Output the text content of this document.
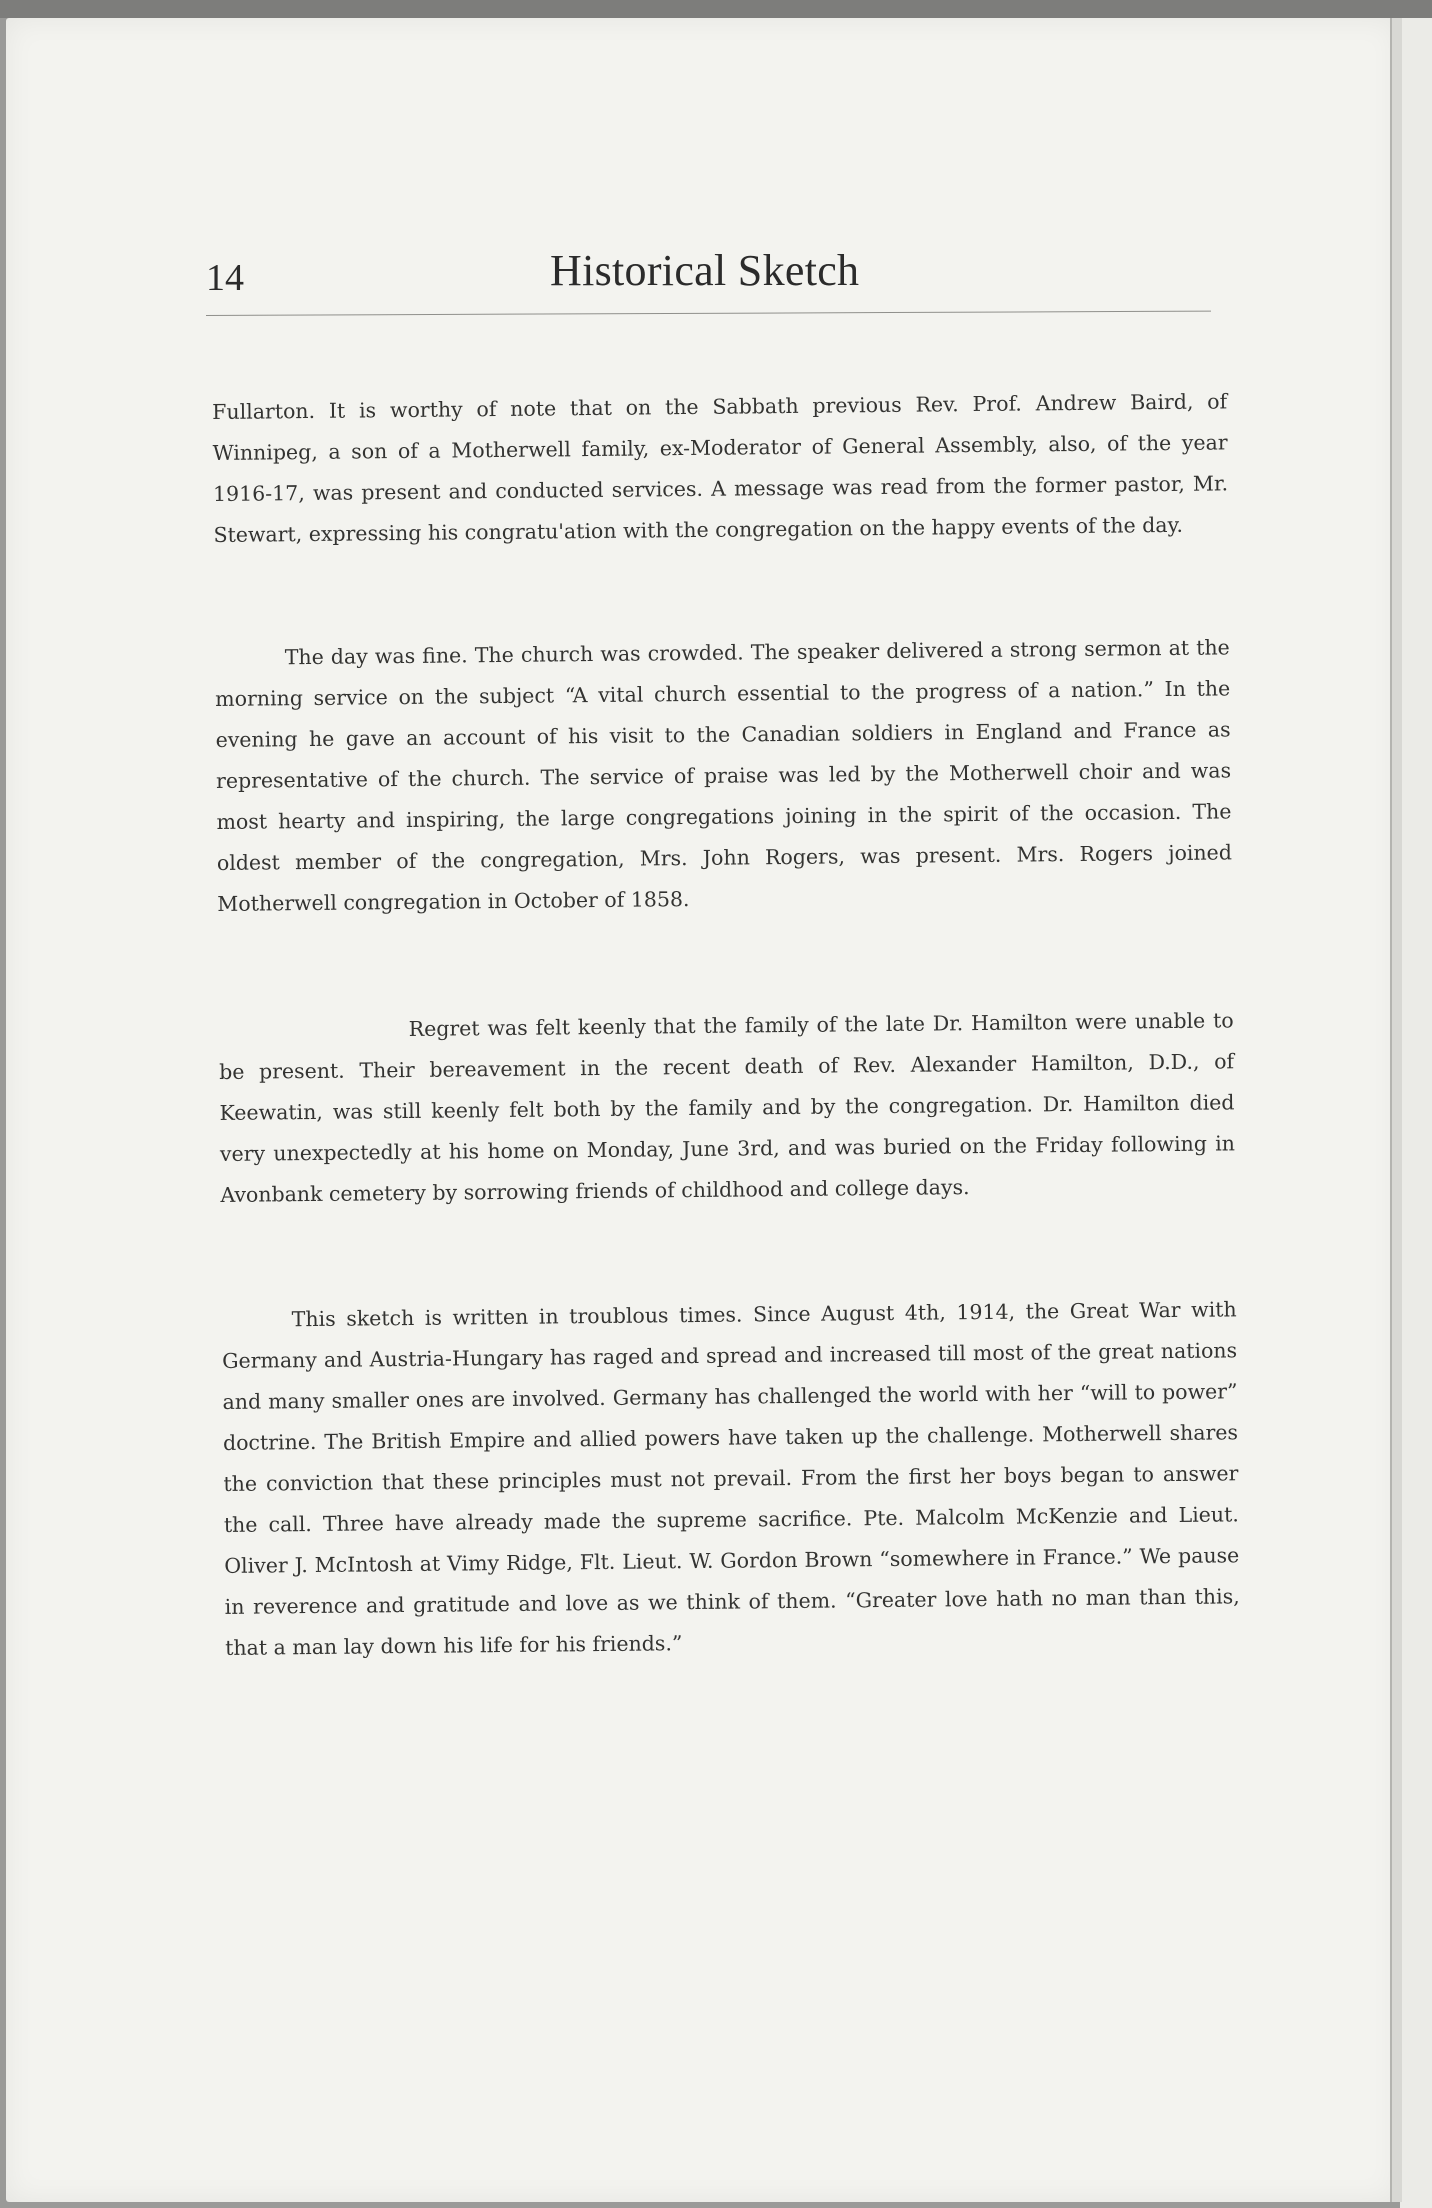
14	Historical Sketch

Fullarton. It is worthy of note that on the Sabbath previous Rev. Prof. Andrew Baird, of Winnipeg, a son of a Motherwell family, ex-Moderator of General Assembly, also, of the year 1916-17, was present and conducted services. A message was read from the former pastor, Mr. Stewart, expressing his congratu'ation with the congregation on the happy events of the day.

The day was fine. The church was crowded. The speaker delivered a strong sermon at the morning service on the subject “A vital church essential to the progress of a nation.” In the evening he gave an account of his visit to the Canadian soldiers in England and France as representative of the church. The service of praise was led by the Motherwell choir and was most hearty and inspiring, the large congregations joining in the spirit of the occasion. The oldest member of the congregation, Mrs. John Rogers, was present. Mrs. Rogers joined Motherwell congregation in October of 1858.

Regret was felt keenly that the family of the late Dr. Hamilton were unable to be present. Their bereavement in the recent death of Rev. Alexander Hamilton, D.D., of Keewatin, was still keenly felt both by the family and by the congregation. Dr. Hamilton died very unexpectedly at his home on Monday, June 3rd, and was buried on the Friday following in Avonbank cemetery by sorrowing friends of childhood and college days.

This sketch is written in troublous times. Since August 4th, 1914, the Great War with Germany and Austria-Hungary has raged and spread and increased till most of the great nations and many smaller ones are involved. Germany has challenged the world with her “will to power” doctrine. The British Empire and allied powers have taken up the challenge. Motherwell shares the conviction that these principles must not prevail. From the first her boys began to answer the call. Three have already made the supreme sacrifice. Pte. Malcolm McKenzie and Lieut. Oliver J. McIntosh at Vimy Ridge, Flt. Lieut. W. Gordon Brown “somewhere in France.” We pause in reverence and gratitude and love as we think of them. “Greater love hath no man than this, that a man lay down his life for his friends.”
